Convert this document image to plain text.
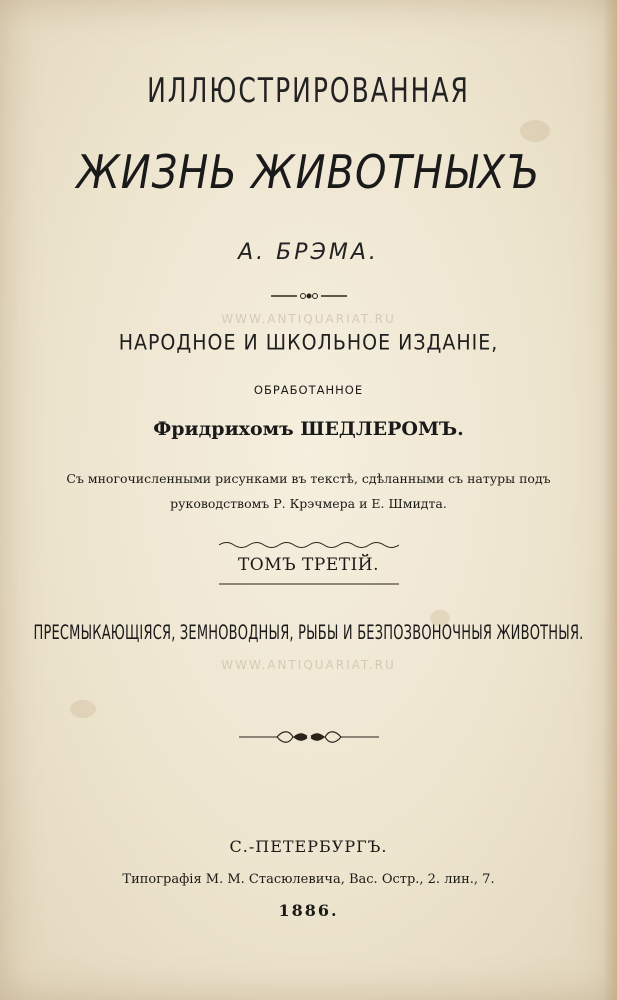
ИЛЛЮСТРИРОВАННАЯ
ЖИЗНЬ ЖИВОТНЫХЪ
А. БРЭМА.
WWW.ANTIQUARIAT.RU
НАРОДНОЕ И ШКОЛЬНОЕ ИЗДАНІЕ,
ОБРАБОТАННОЕ
Фридрихомъ ШЕДЛЕРОМЪ.
Съ многочисленными рисунками въ текстѣ, сдѣланными съ натуры подъ
руководствомъ Р. Крэчмера и Е. Шмидта.
ТОМЪ ТРЕТІЙ.
ПРЕСМЫКАЮЩІЯСЯ, ЗЕМНОВОДНЫЯ, РЫБЫ И БЕЗПОЗВОНОЧНЫЯ ЖИВОТНЫЯ.
WWW.ANTIQUARIAT.RU
С.-ПЕТЕРБУРГЪ.
Типографія М. М. Стасюлевича, Вас. Остр., 2. лин., 7.
1886.
